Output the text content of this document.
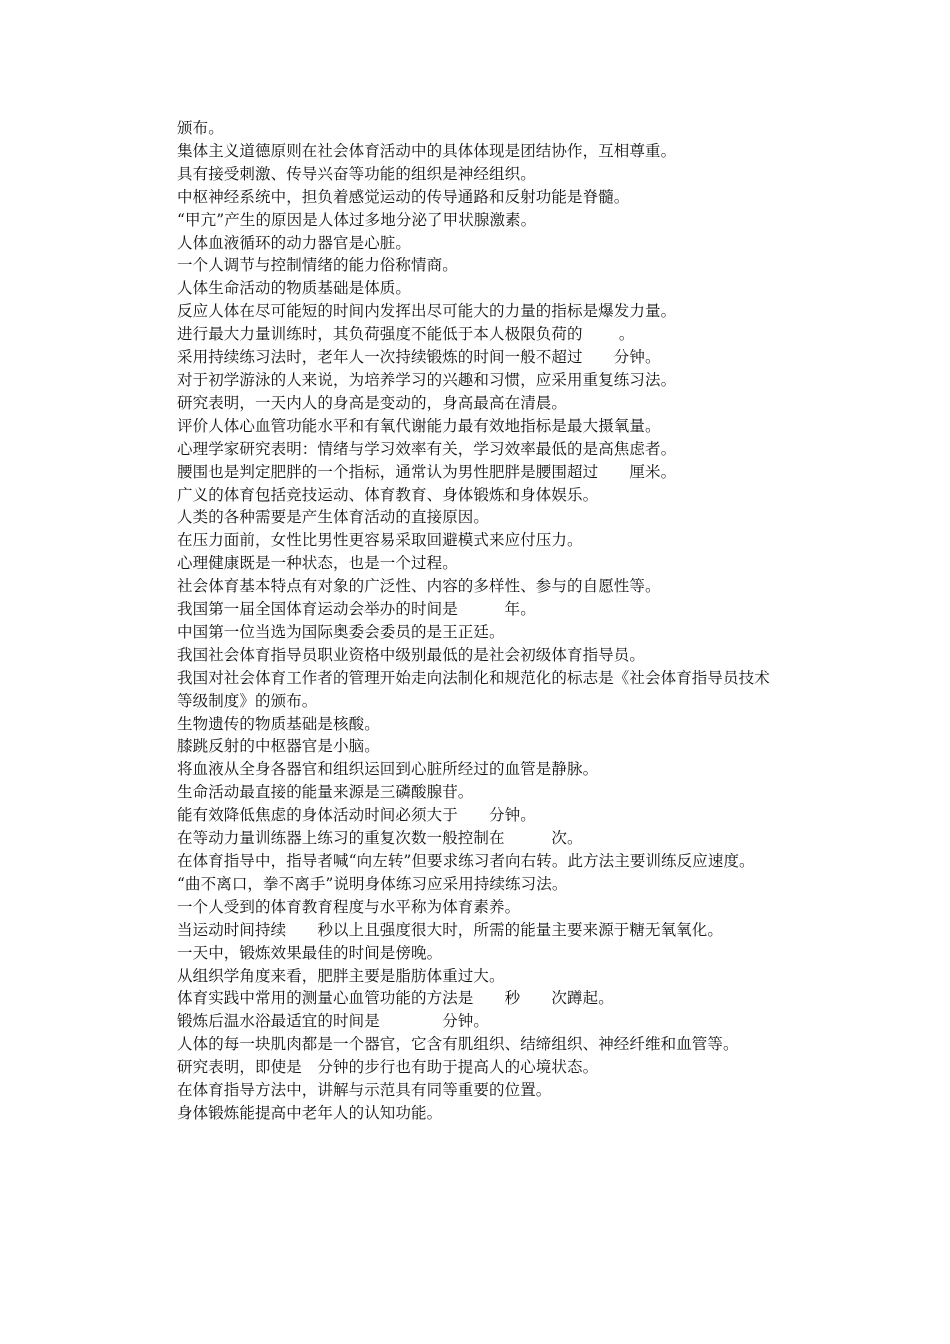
颁布。

集体主义道德原则在社会体育活动中的具体体现是团结协作，互相尊重。

具有接受刺激、传导兴奋等功能的组织是神经组织。

中枢神经系统中，担负着感觉运动的传导通路和反射功能是脊髓。

“甲亢”产生的原因是人体过多地分泌了甲状腺激素。

人体血液循环的动力器官是心脏。

一个人调节与控制情绪的能力俗称情商。

人体生命活动的物质基础是体质。

反应人体在尽可能短的时间内发挥出尽可能大的力量的指标是爆发力量。

进行最大力量训练时，其负荷强度不能低于本人极限负荷的　　 。

采用持续练习法时，老年人一次持续锻炼的时间一般不超过　　分钟。

对于初学游泳的人来说，为培养学习的兴趣和习惯，应采用重复练习法。

研究表明，一天内人的身高是变动的，身高最高在清晨。

评价人体心血管功能水平和有氧代谢能力最有效地指标是最大摄氧量。

心理学家研究表明：情绪与学习效率有关，学习效率最低的是高焦虑者。

腰围也是判定肥胖的一个指标，通常认为男性肥胖是腰围超过　　厘米。

广义的体育包括竞技运动、体育教育、身体锻炼和身体娱乐。

人类的各种需要是产生体育活动的直接原因。

在压力面前，女性比男性更容易采取回避模式来应付压力。

心理健康既是一种状态，也是一个过程。

社会体育基本特点有对象的广泛性、内容的多样性、参与的自愿性等。

我国第一届全国体育运动会举办的时间是　　　年。

中国第一位当选为国际奥委会委员的是王正廷。

我国社会体育指导员职业资格中级别最低的是社会初级体育指导员。

我国对社会体育工作者的管理开始走向法制化和规范化的标志是《社会体育指导员技术

等级制度》的颁布。

生物遗传的物质基础是核酸。

膝跳反射的中枢器官是小脑。

将血液从全身各器官和组织运回到心脏所经过的血管是静脉。

生命活动最直接的能量来源是三磷酸腺苷。

能有效降低焦虑的身体活动时间必须大于　　分钟。

在等动力量训练器上练习的重复次数一般控制在　　　次。

在体育指导中，指导者喊“向左转”但要求练习者向右转。此方法主要训练反应速度。

“曲不离口，拳不离手”说明身体练习应采用持续练习法。

一个人受到的体育教育程度与水平称为体育素养。

当运动时间持续　　秒以上且强度很大时，所需的能量主要来源于糖无氧氧化。

一天中，锻炼效果最佳的时间是傍晚。

从组织学角度来看，肥胖主要是脂肪体重过大。

体育实践中常用的测量心血管功能的方法是　　秒　　次蹲起。

锻炼后温水浴最适宜的时间是　　　　分钟。

人体的每一块肌肉都是一个器官，它含有肌组织、结缔组织、神经纤维和血管等。

研究表明，即使是　分钟的步行也有助于提高人的心境状态。

在体育指导方法中，讲解与示范具有同等重要的位置。

身体锻炼能提高中老年人的认知功能。
